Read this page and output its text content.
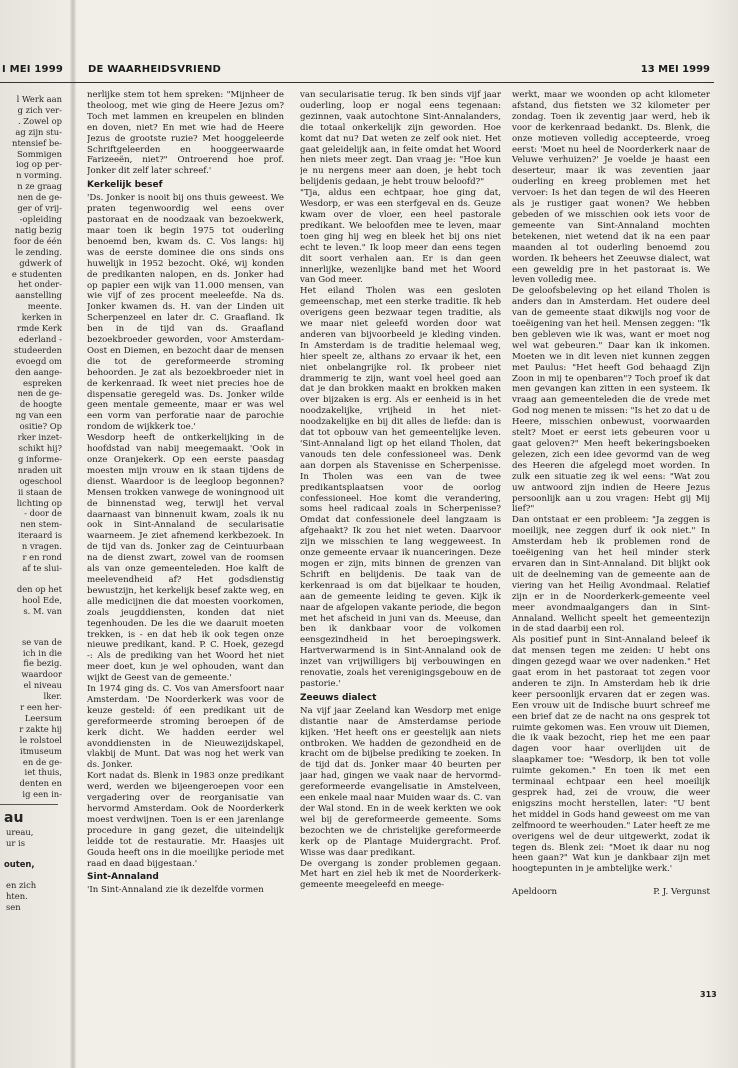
I MEI 1999 DE WAARHEIDSVRIEND	13 MEI 1999
l Werk aan
g zich ver-
. Zowel op
ag zijn stu-
ntensief be-
Sommigen
iog op per-
n vorming.
n ze graag
nen de ge-
ger of vrij-
-opleiding
natig bezig
foor de één
le zending.
gdwerk of
e studenten
het onder-
aanstelling
meente.
kerken in
rmde Kerk
ederland -
studeerden
evoegd om
den aange-
espreken
nen de ge-
de hoogte
ng van een
ositie? Op
rker inzet-
schikt hij?
g informe-
nraden uit
ogeschool
ii staan de
lichting op
- door de
nen stem-
iteraard is
n vragen.
r en rond
af te slui-
den op het
hool Ede,
s. M. van
se van de
ich in die
fie bezig.
waardoor
el niveau
lker.
r een her-
Leersum
r zakte hij
le rolstoel
itmuseum
en de ge-
iet thuis,
denten en
ig een in-
au
ureau,
ur is
outen,
en zich
hten.
sen

nerlijke stem tot hem spreken: "Mijnheer de theoloog, met wie ging de Heere Jezus om? Toch met lammen en kreupelen en blinden en doven, niet? En met wie had de Heere Jezus de grootste ruzie? Met hooggeleerde Schriftgeleerden en hooggeerwaarde Farizeeën, niet?" Ontroerend hoe prof. Jonker dit zelf later schreef.'

Kerkelijk besef

'Ds. Jonker is nooit bij ons thuis geweest. We praten tegenwoordig wel eens over pastoraat en de noodzaak van bezoekwerk, maar toen ik begin 1975 tot ouderling benoemd ben, kwam ds. C. Vos langs: hij was de eerste dominee die ons sinds ons huwelijk in 1952 bezocht. Oké, wij konden de predikanten nalopen, en ds. Jonker had op papier een wijk van 11.000 mensen, van wie vijf of zes procent meeleefde. Na ds. Jonker kwamen ds. H. van der Linden uit Scherpenzeel en later dr. C. Graafland. Ik ben in de tijd van ds. Graafland bezoekbroeder geworden, voor Amsterdam-Oost en Diemen, en bezocht daar de mensen die tot de gereformeerde stroming behoorden. Je zat als bezoekbroeder niet in de kerkenraad. Ik weet niet precies hoe de dispensatie geregeld was. Ds. Jonker wilde geen mentale gemeente, maar er was wel een vorm van perforatie naar de parochie rondom de wijkkerk toe.'

Wesdorp heeft de ontkerkelijking in de hoofdstad van nabij meegemaakt. 'Ook in onze Oranjekerk. Op een eerste paasdag moesten mijn vrouw en ik staan tijdens de dienst. Waardoor is de leegloop begonnen? Mensen trokken vanwege de woningnood uit de binnenstad weg, terwijl het verval daarnaast van binnenuit kwam, zoals ik nu ook in Sint-Annaland de secularisatie waarneem. Je ziet afnemend kerkbezoek. In de tijd van ds. Jonker zag de Ceintuurbaan na de dienst zwart, zowel van de roomsen als van onze gemeenteleden. Hoe kalft de meelevendheid af? Het godsdienstig bewustzijn, het kerkelijk besef zakte weg, en alle medicijnen die dat moesten voorkomen, zoals jeugddiensten, konden dat niet tegenhouden. De les die we daaruit moeten trekken, is - en dat heb ik ook tegen onze nieuwe predikant, kand. P. C. Hoek, gezegd -: Als de prediking van het Woord het niet meer doet, kun je wel ophouden, want dan wijkt de Geest van de gemeente.'

In 1974 ging ds. C. Vos van Amersfoort naar Amsterdam. 'De Noorderkerk was voor de keuze gesteld: óf een predikant uit de gereformeerde stroming beroepen óf de kerk dicht. We hadden eerder wel avonddiensten in de Nieuwezijdskapel, vlakbij de Munt. Dat was nog het werk van ds. Jonker.

Kort nadat ds. Blenk in 1983 onze predikant werd, werden we bijeengeroepen voor een vergadering over de reorganisatie van hervormd Amsterdam. Ook de Noorderkerk moest verdwijnen. Toen is er een jarenlange procedure in gang gezet, die uiteindelijk leidde tot de restauratie. Mr. Haasjes uit Gouda heeft ons in die moeilijke periode met raad en daad bijgestaan.'

Sint-Annaland

'In Sint-Annaland zie ik dezelfde vormen

van secularisatie terug. Ik ben sinds vijf jaar ouderling, loop er nogal eens tegenaan: gezinnen, vaak autochtone Sint-Annalanders, die totaal onkerkelijk zijn geworden. Hoe komt dat nu? Dat weten ze zelf ook niet. Het gaat geleidelijk aan, in feite omdat het Woord hen niets meer zegt. Dan vraag je: "Hoe kun je nu nergens meer aan doen, je hebt toch belijdenis gedaan, je hebt trouw beloofd?"

"Tja, aldus een echtpaar, hoe ging dat, Wesdorp, er was een sterfgeval en ds. Geuze kwam over de vloer, een heel pastorale predikant. We beloofden mee te leven, maar toen ging hij weg en bleek het bij ons niet echt te leven." Ik loop meer dan eens tegen dit soort verhalen aan. Er is dan geen innerlijke, wezenlijke band met het Woord van God meer.

Het eiland Tholen was een gesloten gemeenschap, met een sterke traditie. Ik heb overigens geen bezwaar tegen traditie, als we maar niet geleefd worden door wat anderen van bijvoorbeeld je kleding vinden. In Amsterdam is de traditie helemaal weg, hier speelt ze, althans zo ervaar ik het, een niet onbelangrijke rol. Ik probeer niet drammerig te zijn, want voel heel goed aan dat je dan brokken maakt en brokken maken over bijzaken is erg. Als er eenheid is in het noodzakelijke, vrijheid in het niet-noodzakelijke en bij dit alles de liefde: dan is dat tot opbouw van het gemeentelijke leven. 'Sint-Annaland ligt op het eiland Tholen, dat vanouds ten dele confessioneel was. Denk aan dorpen als Stavenisse en Scherpenisse. In Tholen was een van de twee predikantsplaatsen voor de oorlog confessioneel. Hoe komt die verandering, soms heel radicaal zoals in Scherpenisse? Omdat dat confessionele deel langzaam is afgehaakt? Ik zou het niet weten. Daarvoor zijn we misschien te lang weggeweest. In onze gemeente ervaar ik nuanceringen. Deze mogen er zijn, mits binnen de grenzen van Schrift en belijdenis. De taak van de kerkenraad is om dat bijelkaar te houden, aan de gemeente leiding te geven. Kijk ik naar de afgelopen vakante periode, die begon met het afscheid in juni van ds. Meeuse, dan ben ik dankbaar voor de volkomen eensgezindheid in het beroepingswerk. Hartverwarmend is in Sint-Annaland ook de inzet van vrijwilligers bij verbouwingen en renovatie, zoals het verenigingsgebouw en de pastorie.'

Zeeuws dialect

Na vijf jaar Zeeland kan Wesdorp met enige distantie naar de Amsterdamse periode kijken. 'Het heeft ons er geestelijk aan niets ontbroken. We hadden de gezondheid en de kracht om de bijbelse prediking te zoeken. In de tijd dat ds. Jonker maar 40 beurten per jaar had, gingen we vaak naar de hervormd-gereformeerde evangelisatie in Amstelveen, een enkele maal naar Muiden waar ds. C. van der Wal stond. En in de week kerkten we ook wel bij de gereformeerde gemeente. Soms bezochten we de christelijke gereformeerde kerk op de Plantage Muidergracht. Prof. Wisse was daar predikant.

De overgang is zonder problemen gegaan. Met hart en ziel heb ik met de Noorderkerk-gemeente meegeleefd en meege-

werkt, maar we woonden op acht kilometer afstand, dus fietsten we 32 kilometer per zondag. Toen ik zeventig jaar werd, heb ik voor de kerkenraad bedankt. Ds. Blenk, die onze motieven volledig accepteerde, vroeg eerst: 'Moet nu heel de Noorderkerk naar de Veluwe verhuizen?' Je voelde je haast een deserteur, maar ik was zeventien jaar ouderling en kreeg problemen met het vervoer: Is het dan tegen de wil des Heeren als je rustiger gaat wonen? We hebben gebeden of we misschien ook iets voor de gemeente van Sint-Annaland mochten betekenen, niet wetend dat ik na een paar maanden al tot ouderling benoemd zou worden. Ik beheers het Zeeuwse dialect, wat een geweldig pre in het pastoraat is. We leven volledig mee.

De geloofsbeleving op het eiland Tholen is anders dan in Amsterdam. Het oudere deel van de gemeente staat dikwijls nog voor de toeëigening van het heil. Mensen zeggen: "Ik ben gebleven wie ik was, want er moet nog wel wat gebeuren." Daar kan ik inkomen. Moeten we in dit leven niet kunnen zeggen met Paulus: "Het heeft God behaagd Zijn Zoon in mij te openbaren"? Toch proef ik dat men gevangen kan zitten in een systeem. Ik vraag aan gemeenteleden die de vrede met God nog menen te missen: "Is het zo dat u de Heere, misschien onbewust, voorwaarden stelt? Moet er eerst iets gebeuren voor u gaat geloven?" Men heeft bekeringsboeken gelezen, zich een idee gevormd van de weg des Heeren die afgelegd moet worden. In zulk een situatie zeg ik wel eens: "Wat zou uw antwoord zijn indien de Heere Jezus persoonlijk aan u zou vragen: Hebt gij Mij lief?"

Dan ontstaat er een probleem: "Ja zeggen is moeilijk, nee zeggen durf ik ook niet." In Amsterdam heb ik problemen rond de toeëigening van het heil minder sterk ervaren dan in Sint-Annaland. Dit blijkt ook uit de deelneming van de gemeente aan de viering van het Heilig Avondmaal. Relatief zijn er in de Noorderkerk-gemeente veel meer avondmaalgangers dan in Sint-Annaland. Wellicht speelt het gemeentezijn in de stad daarbij een rol.

Als positief punt in Sint-Annaland beleef ik dat mensen tegen me zeiden: U hebt ons dingen gezegd waar we over nadenken." Het gaat erom in het pastoraat tot zegen voor anderen te zijn. In Amsterdam heb ik drie keer persoonlijk ervaren dat er zegen was. Een vrouw uit de Indische buurt schreef me een brief dat ze de nacht na ons gesprek tot ruimte gekomen was. Een vrouw uit Diemen, die ik vaak bezocht, riep het me een paar dagen voor haar overlijden uit de slaapkamer toe: "Wesdorp, ik ben tot volle ruimte gekomen." En toen ik met een terminaal echtpaar een heel moeilijk gesprek had, zei de vrouw, die weer enigszins mocht herstellen, later: "U bent het middel in Gods hand geweest om me van zelfmoord te weerhouden." Later heeft ze me overigens wel de deur uitgewerkt, zodat ik tegen ds. Blenk zei: "Moet ik daar nu nog heen gaan?" Wat kun je dankbaar zijn met hoogtepunten in je ambtelijke werk.'

Apeldoorn	P. J. Vergunst
313
